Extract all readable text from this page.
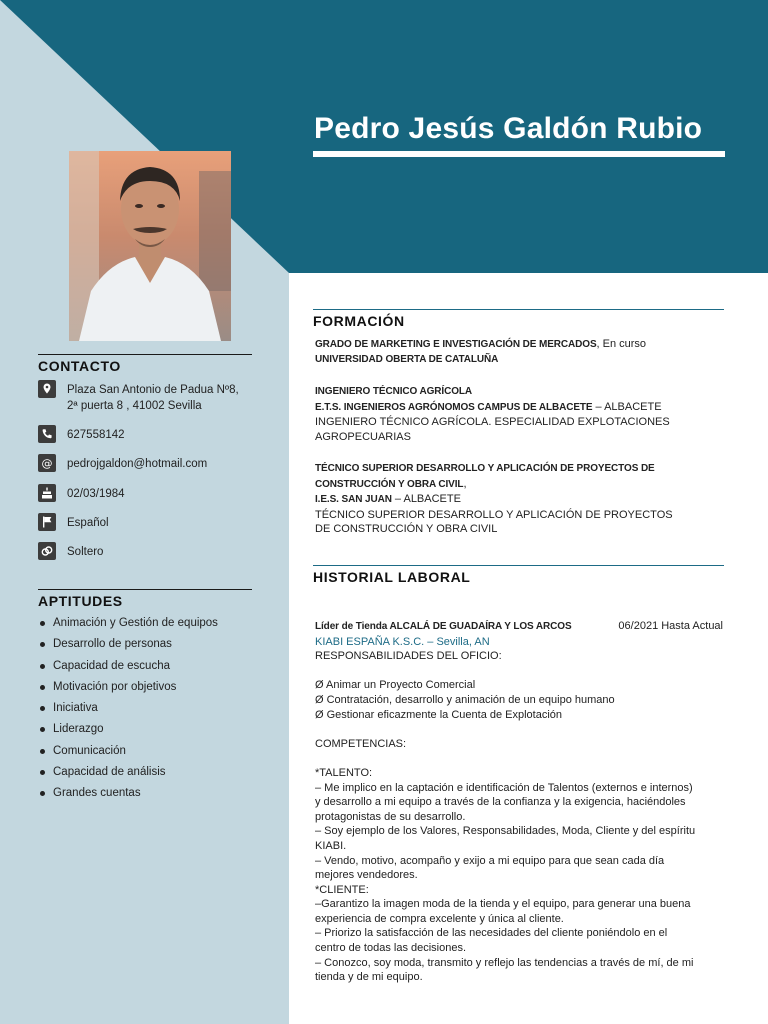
Pedro Jesús Galdón Rubio
CONTACTO
Plaza San Antonio de Padua Nº8,
2ª puerta 8 , 41002 Sevilla
627558142
@ pedrojgaldon@hotmail.com
02/03/1984
Español
Soltero
APTITUDES
Animación y Gestión de equipos
Desarrollo de personas
Capacidad de escucha
Motivación por objetivos
Iniciativa
Liderazgo
Comunicación
Capacidad de análisis
Grandes cuentas
FORMACIÓN
GRADO DE MARKETING E INVESTIGACIÓN DE MERCADOS, En curso
UNIVERSIDAD OBERTA DE CATALUÑA
INGENIERO TÉCNICO AGRÍCOLA
E.T.S. INGENIEROS AGRÓNOMOS CAMPUS DE ALBACETE – ALBACETE
INGENIERO TÉCNICO AGRÍCOLA. ESPECIALIDAD EXPLOTACIONES AGROPECUARIAS
TÉCNICO SUPERIOR DESARROLLO Y APLICACIÓN DE PROYECTOS DE CONSTRUCCIÓN Y OBRA CIVIL,
I.E.S. SAN JUAN – ALBACETE
TÉCNICO SUPERIOR DESARROLLO Y APLICACIÓN DE PROYECTOS DE CONSTRUCCIÓN Y OBRA CIVIL
HISTORIAL LABORAL
Líder de Tienda ALCALÁ DE GUADAÍRA Y LOS ARCOS	06/2021 Hasta Actual
KIABI ESPAÑA K.S.C. – Sevilla, AN
RESPONSABILIDADES DEL OFICIO:

Ø Animar un Proyecto Comercial
Ø Contratación, desarrollo y animación de un equipo humano
Ø Gestionar eficazmente la Cuenta de Explotación

COMPETENCIAS:

*TALENTO:
– Me implico en la captación e identificación de Talentos (externos e internos)
y desarrollo a mi equipo a través de la confianza y la exigencia, haciéndoles
protagonistas de su desarrollo.
– Soy ejemplo de los Valores, Responsabilidades, Moda, Cliente y del espíritu
KIABI.
– Vendo, motivo, acompaño y exijo a mi equipo para que sean cada día
mejores vendedores.
*CLIENTE:
–Garantizo la imagen moda de la tienda y el equipo, para generar una buena
experiencia de compra excelente y única al cliente.
– Priorizo la satisfacción de las necesidades del cliente poniéndolo en el
centro de todas las decisiones.
– Conozco, soy moda, transmito y reflejo las tendencias a través de mí, de mi
tienda y de mi equipo.
